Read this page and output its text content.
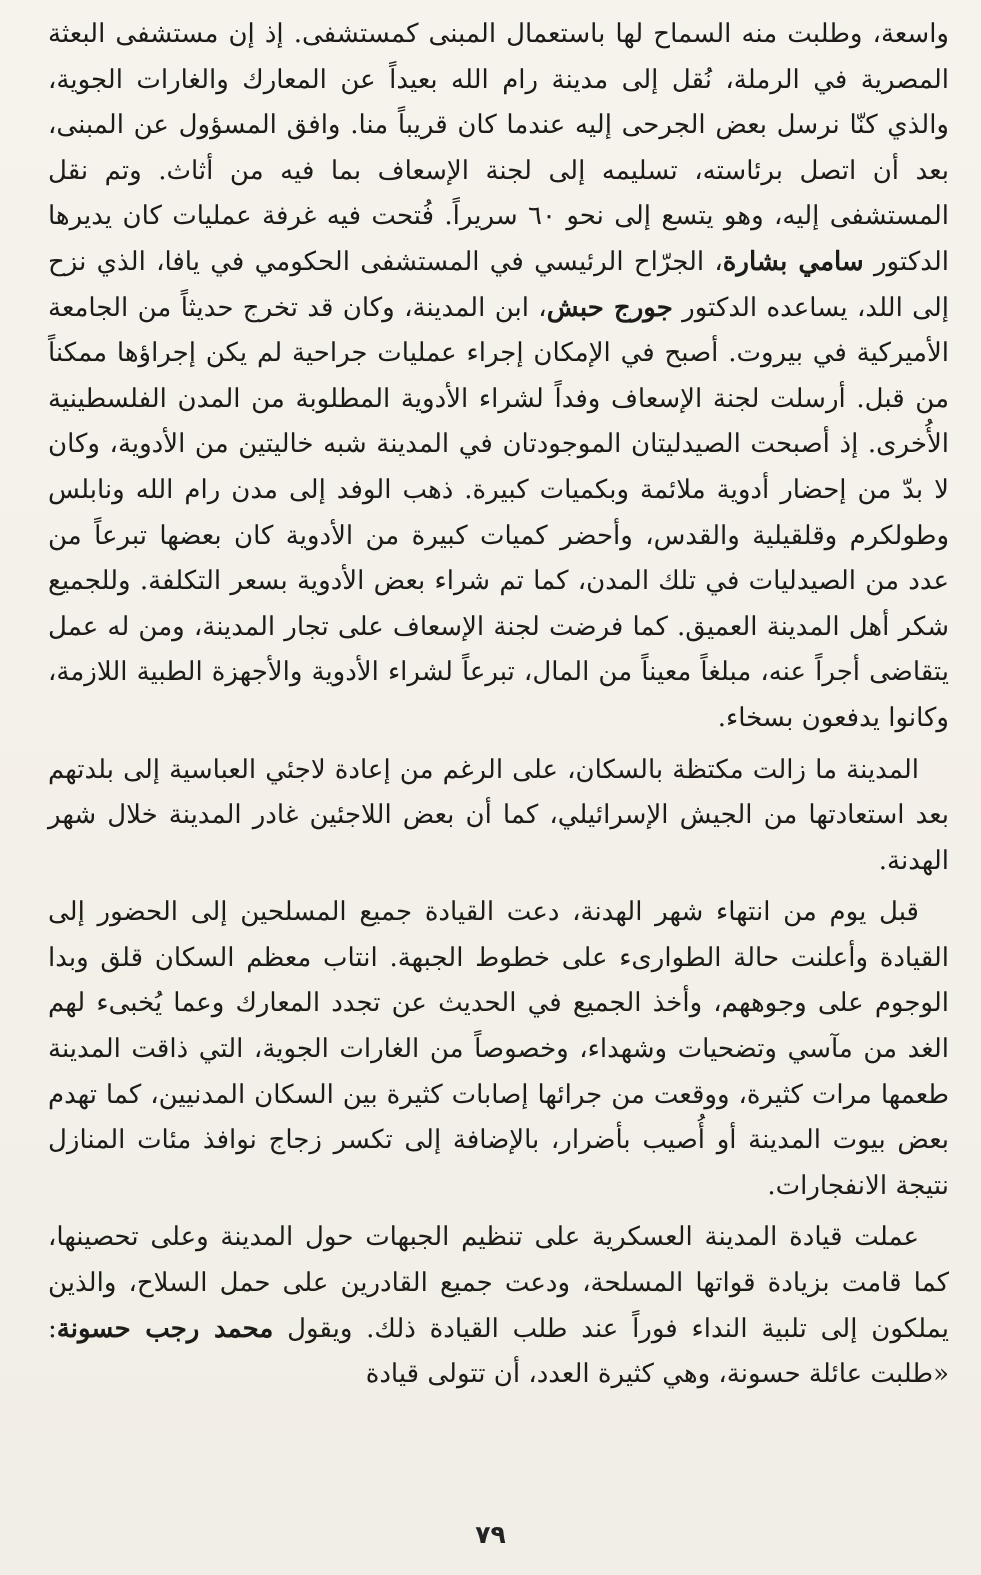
واسعة، وطلبت منه السماح لها باستعمال المبنى كمستشفى. إذ إن مستشفى البعثة المصرية في الرملة، نُقل إلى مدينة رام الله بعيداً عن المعارك والغارات الجوية، والذي كنّا نرسل بعض الجرحى إليه عندما كان قريباً منا. وافق المسؤول عن المبنى، بعد أن اتصل برئاسته، تسليمه إلى لجنة الإسعاف بما فيه من أثاث. وتم نقل المستشفى إليه، وهو يتسع إلى نحو ٦٠ سريراً. فُتحت فيه غرفة عمليات كان يديرها الدكتور سامي بشارة، الجرّاح الرئيسي في المستشفى الحكومي في يافا، الذي نزح إلى اللد، يساعده الدكتور جورج حبش، ابن المدينة، وكان قد تخرج حديثاً من الجامعة الأميركية في بيروت. أصبح في الإمكان إجراء عمليات جراحية لم يكن إجراؤها ممكناً من قبل. أرسلت لجنة الإسعاف وفداً لشراء الأدوية المطلوبة من المدن الفلسطينية الأُخرى. إذ أصبحت الصيدليتان الموجودتان في المدينة شبه خاليتين من الأدوية، وكان لا بدّ من إحضار أدوية ملائمة وبكميات كبيرة. ذهب الوفد إلى مدن رام الله ونابلس وطولكرم وقلقيلية والقدس، وأحضر كميات كبيرة من الأدوية كان بعضها تبرعاً من عدد من الصيدليات في تلك المدن، كما تم شراء بعض الأدوية بسعر التكلفة. وللجميع شكر أهل المدينة العميق. كما فرضت لجنة الإسعاف على تجار المدينة، ومن له عمل يتقاضى أجراً عنه، مبلغاً معيناً من المال، تبرعاً لشراء الأدوية والأجهزة الطبية اللازمة، وكانوا يدفعون بسخاء.

المدينة ما زالت مكتظة بالسكان، على الرغم من إعادة لاجئي العباسية إلى بلدتهم بعد استعادتها من الجيش الإسرائيلي، كما أن بعض اللاجئين غادر المدينة خلال شهر الهدنة.

قبل يوم من انتهاء شهر الهدنة، دعت القيادة جميع المسلحين إلى الحضور إلى القيادة وأعلنت حالة الطوارىء على خطوط الجبهة. انتاب معظم السكان قلق وبدا الوجوم على وجوههم، وأخذ الجميع في الحديث عن تجدد المعارك وعما يُخبىء لهم الغد من مآسي وتضحيات وشهداء، وخصوصاً من الغارات الجوية، التي ذاقت المدينة طعمها مرات كثيرة، ووقعت من جرائها إصابات كثيرة بين السكان المدنيين، كما تهدم بعض بيوت المدينة أو أُصيب بأضرار، بالإضافة إلى تكسر زجاج نوافذ مئات المنازل نتيجة الانفجارات.

عملت قيادة المدينة العسكرية على تنظيم الجبهات حول المدينة وعلى تحصينها، كما قامت بزيادة قواتها المسلحة، ودعت جميع القادرين على حمل السلاح، والذين يملكون إلى تلبية النداء فوراً عند طلب القيادة ذلك. ويقول محمد رجب حسونة: «طلبت عائلة حسونة، وهي كثيرة العدد، أن تتولى قيادة

٧٩
